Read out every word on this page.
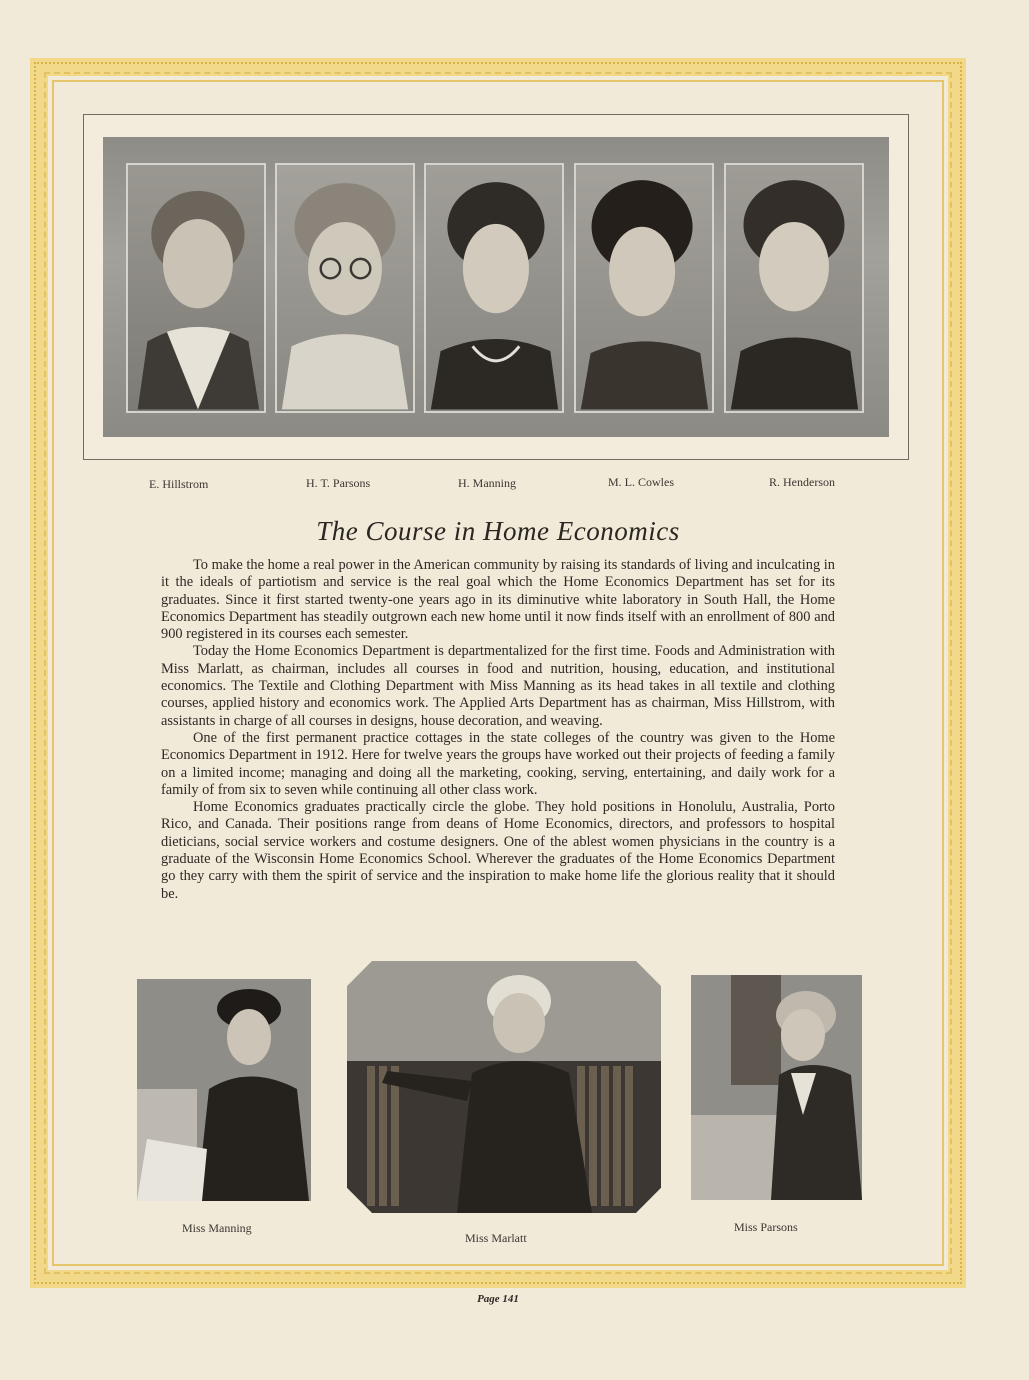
E. Hillstrom	H. T. Parsons	H. Manning	M. L. Cowles	R. Henderson
The Course in Home Economics

To make the home a real power in the American community by raising its standards of living and inculcating in it the ideals of partiotism and service is the real goal which the Home Economics Department has set for its graduates. Since it first started twenty-one years ago in its diminutive white laboratory in South Hall, the Home Economics Department has steadily outgrown each new home until it now finds itself with an enrollment of 800 and 900 registered in its courses each semester.

Today the Home Economics Department is departmentalized for the first time. Foods and Administration with Miss Marlatt, as chairman, includes all courses in food and nutrition, housing, education, and institutional economics. The Textile and Clothing Department with Miss Manning as its head takes in all textile and clothing courses, applied history and economics work. The Applied Arts Department has as chairman, Miss Hillstrom, with assistants in charge of all courses in designs, house decoration, and weaving.

One of the first permanent practice cottages in the state colleges of the country was given to the Home Economics Department in 1912. Here for twelve years the groups have worked out their projects of feeding a family on a limited income; managing and doing all the marketing, cooking, serving, entertaining, and daily work for a family of from six to seven while continuing all other class work.

Home Economics graduates practically circle the globe. They hold positions in Honolulu, Australia, Porto Rico, and Canada. Their positions range from deans of Home Economics, directors, and professors to hospital dieticians, social service workers and costume designers. One of the ablest women physicians in the country is a graduate of the Wisconsin Home Economics School. Wherever the graduates of the Home Economics Department go they carry with them the spirit of service and the inspiration to make home life the glorious reality that it should be.

Miss Manning
Miss Marlatt
Miss Parsons
Page 141
